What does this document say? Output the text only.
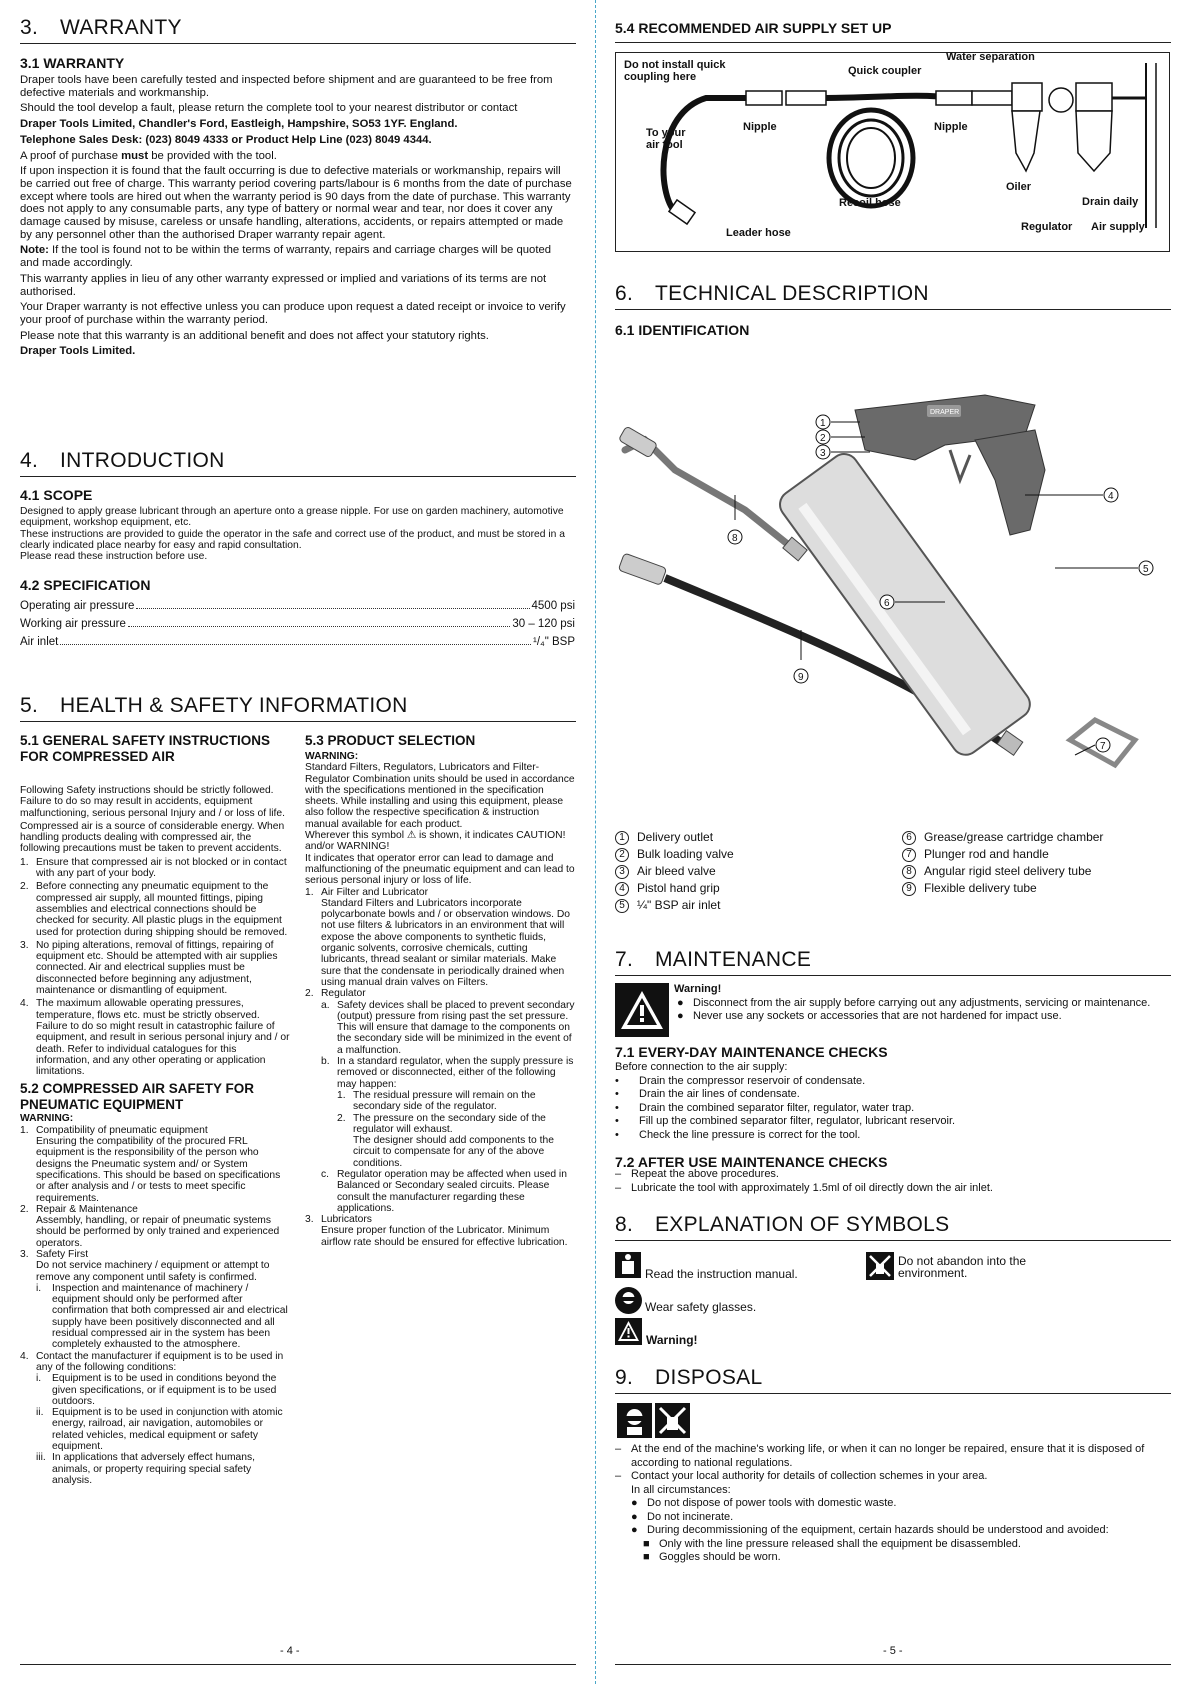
3. WARRANTY
3.1 WARRANTY
Draper tools have been carefully tested and inspected before shipment and are guaranteed to be free from defective materials and workmanship.
Should the tool develop a fault, please return the complete tool to your nearest distributor or contact
Draper Tools Limited, Chandler's Ford, Eastleigh, Hampshire, SO53 1YF. England.
Telephone Sales Desk: (023) 8049 4333 or Product Help Line (023) 8049 4344.
A proof of purchase must be provided with the tool.
If upon inspection it is found that the fault occurring is due to defective materials or workmanship, repairs will be carried out free of charge. This warranty period covering parts/labour is 6 months from the date of purchase except where tools are hired out when the warranty period is 90 days from the date of purchase. This warranty does not apply to any consumable parts, any type of battery or normal wear and tear, nor does it cover any damage caused by misuse, careless or unsafe handling, alterations, accidents, or repairs attempted or made by any personnel other than the authorised Draper warranty repair agent.
Note: If the tool is found not to be within the terms of warranty, repairs and carriage charges will be quoted and made accordingly.
This warranty applies in lieu of any other warranty expressed or implied and variations of its terms are not authorised.
Your Draper warranty is not effective unless you can produce upon request a dated receipt or invoice to verify your proof of purchase within the warranty period.
Please note that this warranty is an additional benefit and does not affect your statutory rights.
Draper Tools Limited.
4. INTRODUCTION
4.1 SCOPE
Designed to apply grease lubricant through an aperture onto a grease nipple. For use on garden machinery, automotive equipment, workshop equipment, etc.
These instructions are provided to guide the operator in the safe and correct use of the product, and must be stored in a clearly indicated place nearby for easy and rapid consultation.
Please read these instruction before use.
4.2 SPECIFICATION
Operating air pressure	4500 psi
Working air pressure	30 – 120 psi
Air inlet	¹/₄" BSP
5. HEALTH & SAFETY INFORMATION
5.1 GENERAL SAFETY INSTRUCTIONS FOR COMPRESSED AIR
Following Safety instructions should be strictly followed. Failure to do so may result in accidents, equipment malfunctioning, serious personal Injury and / or loss of life.
Compressed air is a source of considerable energy. When handling products dealing with compressed air, the following precautions must be taken to prevent accidents.
1. Ensure that compressed air is not blocked or in contact with any part of your body.
2. Before connecting any pneumatic equipment to the compressed air supply, all mounted fittings, piping assemblies and electrical connections should be checked for security. All plastic plugs in the equipment used for protection during shipping should be removed.
3. No piping alterations, removal of fittings, repairing of equipment etc. Should be attempted with air supplies connected. Air and electrical supplies must be disconnected before beginning any adjustment, maintenance or dismantling of equipment.
4. The maximum allowable operating pressures, temperature, flows etc. must be strictly observed. Failure to do so might result in catastrophic failure of equipment, and result in serious personal injury and / or death. Refer to individual catalogues for this information, and any other operating or application limitations.
5.2 COMPRESSED AIR SAFETY FOR PNEUMATIC EQUIPMENT
WARNING:
1. Compatibility of pneumatic equipment
Ensuring the compatibility of the procured FRL equipment is the responsibility of the person who designs the Pneumatic system and/ or System specifications. This should be based on specifications or after analysis and / or tests to meet specific requirements.
2. Repair & Maintenance
Assembly, handling, or repair of pneumatic systems should be performed by only trained and experienced operators.
3. Safety First
Do not service machinery / equipment or attempt to remove any component until safety is confirmed.
i.	Inspection and maintenance of machinery / equipment should only be performed after confirmation that both compressed air and electrical supply have been positively disconnected and all residual compressed air in the system has been completely exhausted to the atmosphere.
4. Contact the manufacturer if equipment is to be used in any of the following conditions:
i.	Equipment is to be used in conditions beyond the given specifications, or if equipment is to be used outdoors.
ii. Equipment is to be used in conjunction with atomic energy, railroad, air navigation, automobiles or related vehicles, medical equipment or safety equipment.
iii. In applications that adversely effect humans, animals, or property requiring special safety analysis.
5.3 PRODUCT SELECTION
WARNING:
Standard Filters, Regulators, Lubricators and Filter- Regulator Combination units should be used in accordance with the specifications mentioned in the specification sheets. While installing and using this equipment, please also follow the respective specification & instruction manual available for each product.
Wherever this symbol ⚠ is shown, it indicates CAUTION! and/or WARNING!
It indicates that operator error can lead to damage and malfunctioning of the pneumatic equipment and can lead to serious personal injury or loss of life.
1. Air Filter and Lubricator
Standard Filters and Lubricators incorporate polycarbonate bowls and / or observation windows. Do not use filters & lubricators in an environment that will expose the above components to synthetic fluids, organic solvents, corrosive chemicals, cutting lubricants, thread sealant or similar materials. Make sure that the condensate in periodically drained when using manual drain valves on Filters.
2. Regulator
a. Safety devices shall be placed to prevent secondary (output) pressure from rising past the set pressure.
This will ensure that damage to the components on the secondary side will be minimized in the event of a malfunction.
b. In a standard regulator, when the supply pressure is removed or disconnected, either of the following may happen:
1. The residual pressure will remain on the secondary side of the regulator.
2. The pressure on the secondary side of the regulator will exhaust.
The designer should add components to the circuit to compensate for any of the above conditions.
c. Regulator operation may be affected when used in Balanced or Secondary sealed circuits. Please consult the manufacturer regarding these applications.
3. Lubricators
Ensure proper function of the Lubricator. Minimum airflow rate should be ensured for effective lubrication.
- 4 -
5.4 RECOMMENDED AIR SUPPLY SET UP
Do not install quick coupling here	Quick coupler
Water separation
To your air tool
Nipple	Nipple
Oiler
Recoil hose	Drain daily
Leader hose	Regulator Air supply
6. TECHNICAL DESCRIPTION
6.1 IDENTIFICATION
DRAPER
1
2
3
4
5
6
7
8
9
1	Delivery outlet
2	Bulk loading valve
3	Air bleed valve
4	Pistol hand grip
5	¼" BSP air inlet
6	Grease/grease cartridge chamber
7	Plunger rod and handle
8	Angular rigid steel delivery tube
9	Flexible delivery tube
7. MAINTENANCE
Warning!
● Disconnect from the air supply before carrying out any adjustments, servicing or maintenance.
● Never use any sockets or accessories that are not hardened for impact use.
7.1 EVERY-DAY MAINTENANCE CHECKS
Before connection to the air supply:
•	Drain the compressor reservoir of condensate.
•	Drain the air lines of condensate.
•	Drain the combined separator filter, regulator, water trap.
•	Fill up the combined separator filter, regulator, lubricant reservoir.
•	Check the line pressure is correct for the tool.
7.2 AFTER USE MAINTENANCE CHECKS
– Repeat the above procedures.
– Lubricate the tool with approximately 1.5ml of oil directly down the air inlet.
8. EXPLANATION OF SYMBOLS
Read the instruction manual.
Do not abandon into the environment.
Wear safety glasses.
Warning!
9. DISPOSAL
– At the end of the machine's working life, or when it can no longer be repaired, ensure that it is disposed of according to national regulations.
– Contact your local authority for details of collection schemes in your area.
In all circumstances:
● Do not dispose of power tools with domestic waste.
● Do not incinerate.
● During decommissioning of the equipment, certain hazards should be understood and avoided:
■ Only with the line pressure released shall the equipment be disassembled.
■ Goggles should be worn.
- 5 -
